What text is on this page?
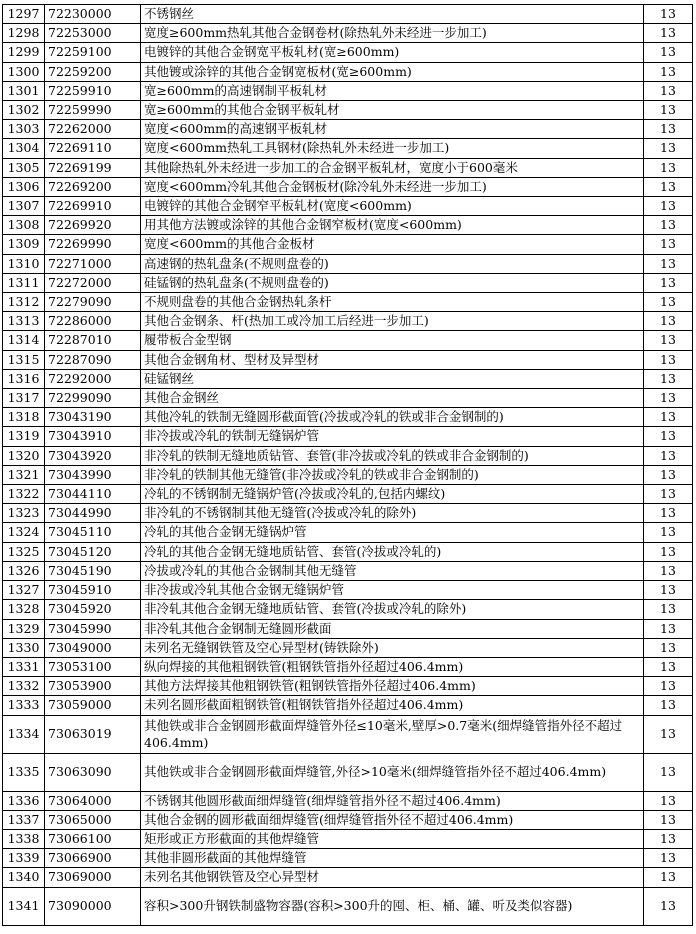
1297	72230000	不锈钢丝	13
1298	72253000	宽度≥600mm热轧其他合金钢卷材(除热轧外未经进一步加工)	13
1299	72259100	电镀锌的其他合金钢宽平板轧材(宽≥600mm)	13
1300	72259200	其他镀或涂锌的其他合金钢宽板材(宽≥600mm)	13
1301	72259910	宽≥600mm的高速钢制平板轧材	13
1302	72259990	宽≥600mm的其他合金钢平板轧材	13
1303	72262000	宽度<600mm的高速钢平板轧材	13
1304	72269110	宽度<600mm热轧工具钢材(除热轧外未经进一步加工)	13
1305	72269199	其他除热轧外未经进一步加工的合金钢平板轧材，宽度小于600毫米	13
1306	72269200	宽度<600mm冷轧其他合金钢板材(除冷轧外未经进一步加工)	13
1307	72269910	电镀锌的其他合金钢窄平板轧材(宽度<600mm)	13
1308	72269920	用其他方法镀或涂锌的其他合金钢窄板材(宽度<600mm)	13
1309	72269990	宽度<600mm的其他合金板材	13
1310	72271000	高速钢的热轧盘条(不规则盘卷的)	13
1311	72272000	硅锰钢的热轧盘条(不规则盘卷的)	13
1312	72279090	不规则盘卷的其他合金钢热轧条杆	13
1313	72286000	其他合金钢条、杆(热加工或冷加工后经进一步加工)	13
1314	72287010	履带板合金型钢	13
1315	72287090	其他合金钢角材、型材及异型材	13
1316	72292000	硅锰钢丝	13
1317	72299090	其他合金钢丝	13
1318	73043190	其他冷轧的铁制无缝圆形截面管(冷拔或冷轧的铁或非合金钢制的)	13
1319	73043910	非冷拔或冷轧的铁制无缝锅炉管	13
1320	73043920	非冷轧的铁制无缝地质钻管、套管(非冷拔或冷轧的铁或非合金钢制的)	13
1321	73043990	非冷轧的铁制其他无缝管(非冷拔或冷轧的铁或非合金钢制的)	13
1322	73044110	冷轧的不锈钢制无缝锅炉管(冷拔或冷轧的,包括内螺纹)	13
1323	73044990	非冷轧的不锈钢制其他无缝管(冷拔或冷轧的除外)	13
1324	73045110	冷轧的其他合金钢无缝锅炉管	13
1325	73045120	冷轧的其他合金钢无缝地质钻管、套管(冷拔或冷轧的)	13
1326	73045190	冷拔或冷轧的其他合金钢制其他无缝管	13
1327	73045910	非冷拔或冷轧其他合金钢无缝锅炉管	13
1328	73045920	非冷轧其他合金钢无缝地质钻管、套管(冷拔或冷轧的除外)	13
1329	73045990	非冷轧其他合金钢制无缝圆形截面	13
1330	73049000	未列名无缝钢铁管及空心异型材(铸铁除外)	13
1331	73053100	纵向焊接的其他粗钢铁管(粗钢铁管指外径超过406.4mm)	13
1332	73053900	其他方法焊接其他粗钢铁管(粗钢铁管指外径超过406.4mm)	13
1333	73059000	未列名圆形截面粗钢铁管(粗钢铁管指外径超过406.4mm)	13
1334	73063019	其他铁或非合金钢圆形截面焊缝管外径≤10毫米,壁厚>0.7毫米(细焊缝管指外径不超过406.4mm)	13
1335	73063090	其他铁或非合金钢圆形截面焊缝管,外径>10毫米(细焊缝管指外径不超过406.4mm)	13
1336	73064000	不锈钢其他圆形截面细焊缝管(细焊缝管指外径不超过406.4mm)	13
1337	73065000	其他合金钢的圆形截面细焊缝管(细焊缝管指外径不超过406.4mm)	13
1338	73066100	矩形或正方形截面的其他焊缝管	13
1339	73066900	其他非圆形截面的其他焊缝管	13
1340	73069000	未列名其他钢铁管及空心异型材	13
1341	73090000	容积>300升钢铁制盛物容器(容积>300升的囤、柜、桶、罐、听及类似容器)	13
